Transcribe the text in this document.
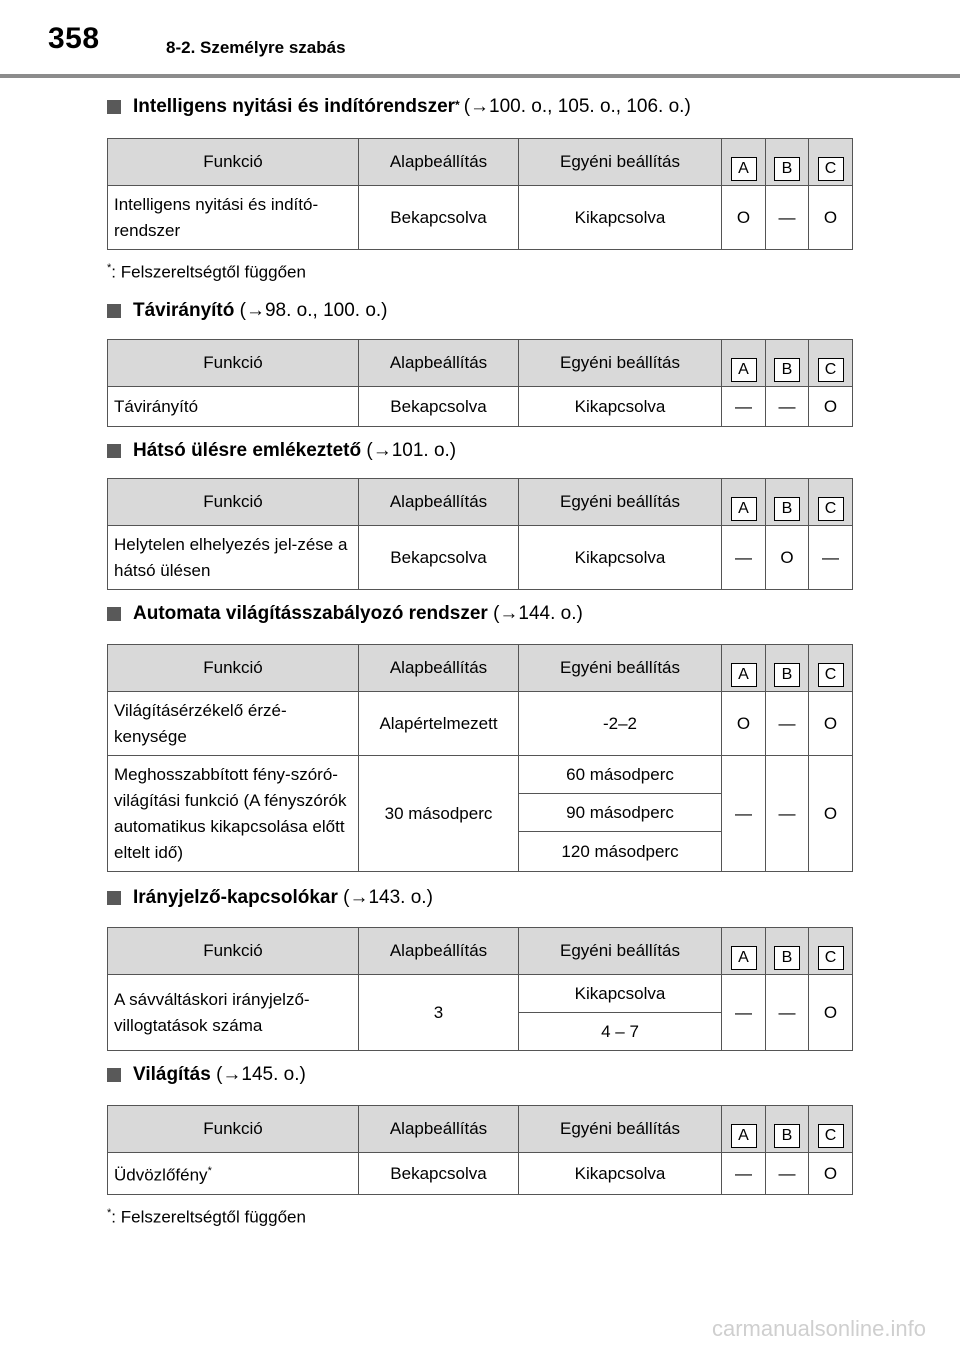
358	8-2. Személyre szabás
Intelligens nyitási és indítórendszer* (→100. o., 105. o., 106. o.)
Funkció	Alapbeállítás	Egyéni beállítás	A	B	C
Intelligens nyitási és indító-rendszer	Bekapcsolva	Kikapcsolva	O	—	O
*: Felszereltségtől függően
Távirányító
(→98. o., 100. o.)
Funkció	Alapbeállítás	Egyéni beállítás	A	B	C
Távirányító	Bekapcsolva	Kikapcsolva	—	—	O
Hátsó ülésre emlékeztető
(→101. o.)
Funkció	Alapbeállítás	Egyéni beállítás	A	B	C
Helytelen elhelyezés jel-zése a hátsó ülésen	Bekapcsolva	Kikapcsolva	—	O	—
Automata világításszabályozó rendszer
(→144. o.)
Funkció	Alapbeállítás	Egyéni beállítás	A	B	C
Világításérzékelő érzé-kenysége	Alapértelmezett	-2–2	O	—	O
Meghosszabbított fény-szóró-világítási funkció (A fényszórók automatikus kikapcsolása előtt eltelt idő)	30 másodperc	60 másodperc	—	—	O
		90 másodperc			
		120 másodperc			
Irányjelző-kapcsolókar
(→143. o.)
Funkció	Alapbeállítás	Egyéni beállítás	A	B	C
A sávváltáskori irányjelző-villogtatások száma	3	Kikapcsolva	—	—	O
		4 – 7			
Világítás
(→145. o.)
Funkció	Alapbeállítás	Egyéni beállítás	A	B	C
Üdvözlőfény*	Bekapcsolva	Kikapcsolva	—	—	O
*: Felszereltségtől függően
carmanualsonline.info
